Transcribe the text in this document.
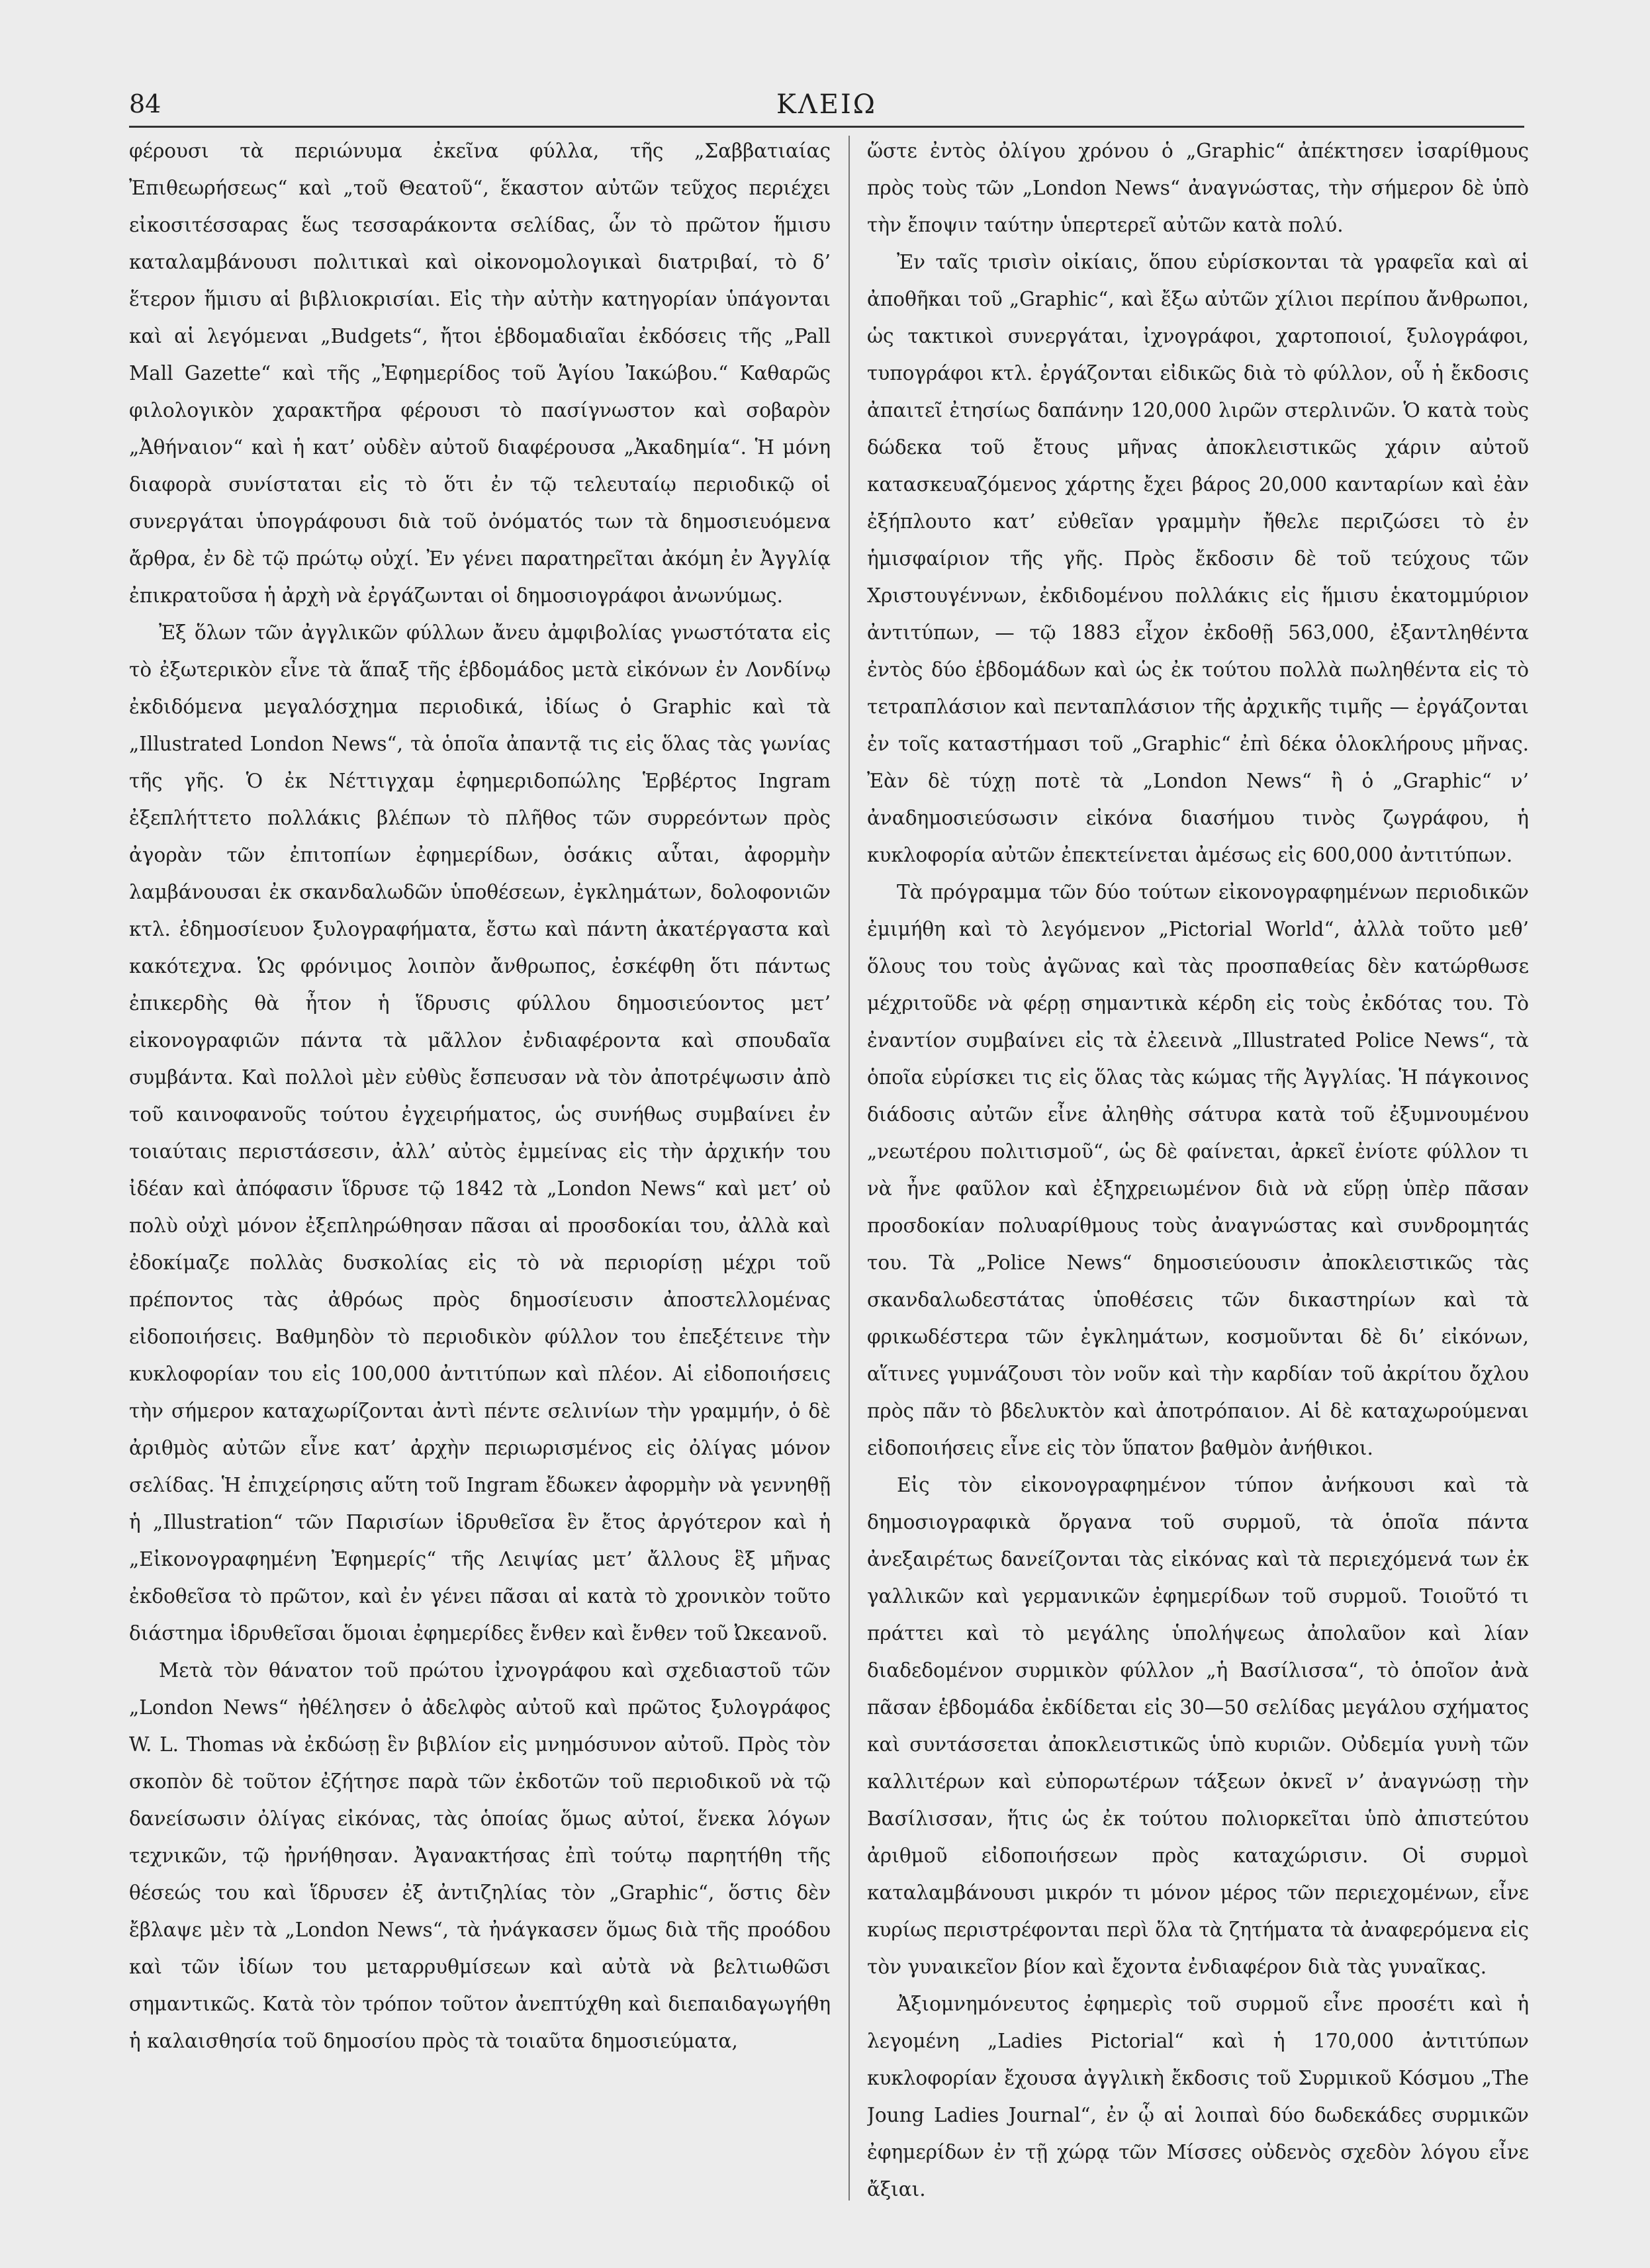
84	ΚΛΕΙΩ

φέρουσι τὰ περιώνυμα ἐκεῖνα φύλλα, τῆς „Σαββατιαίας Ἐπιθεωρήσεως“ καὶ „τοῦ Θεατοῦ“, ἕκαστον αὐτῶν τεῦχος περιέχει εἰκοσιτέσσαρας ἕως τεσσαράκοντα σελίδας, ὧν τὸ πρῶτον ἥμισυ καταλαμβάνουσι πολιτικαὶ καὶ οἰκονομολογικαὶ διατριβαί, τὸ δ’ ἕτερον ἥμισυ αἱ βιβλιοκρισίαι. Εἰς τὴν αὐτὴν κατηγορίαν ὑπάγονται καὶ αἱ λεγόμεναι „Budgets“, ἤτοι ἑβδομαδιαῖαι ἐκδόσεις τῆς „Pall Mall Gazette“ καὶ τῆς „Ἐφημερίδος τοῦ Ἁγίου Ἰακώβου.“ Καθαρῶς φιλολογικὸν χαρακτῆρα φέρουσι τὸ πασίγνωστον καὶ σοβαρὸν „Ἀθήναιον“ καὶ ἡ κατ’ οὐδὲν αὐτοῦ διαφέρουσα „Ἀκαδημία“. Ἡ μόνη διαφορὰ συνίσταται εἰς τὸ ὅτι ἐν τῷ τελευταίῳ περιοδικῷ οἱ συνεργάται ὑπογράφουσι διὰ τοῦ ὀνόματός των τὰ δημοσιευόμενα ἄρθρα, ἐν δὲ τῷ πρώτῳ οὐχί. Ἐν γένει παρατηρεῖται ἀκόμη ἐν Ἀγγλίᾳ ἐπικρατοῦσα ἡ ἀρχὴ νὰ ἐργάζωνται οἱ δημοσιογράφοι ἀνωνύμως.

Ἐξ ὅλων τῶν ἀγγλικῶν φύλλων ἄνευ ἀμφιβολίας γνωστότατα εἰς τὸ ἐξωτερικὸν εἶνε τὰ ἅπαξ τῆς ἑβδομάδος μετὰ εἰκόνων ἐν Λονδίνῳ ἐκδιδόμενα μεγαλόσχημα περιοδικά, ἰδίως ὁ Graphic καὶ τὰ „Illustrated London News“, τὰ ὁποῖα ἀπαντᾷ τις εἰς ὅλας τὰς γωνίας τῆς γῆς. Ὁ ἐκ Νέττιγχαμ ἐφημεριδοπώλης Ἑρβέρτος Ingram ἐξεπλήττετο πολλάκις βλέπων τὸ πλῆθος τῶν συρρεόντων πρὸς ἀγορὰν τῶν ἐπιτοπίων ἐφημερίδων, ὁσάκις αὗται, ἀφορμὴν λαμβάνουσαι ἐκ σκανδαλωδῶν ὑποθέσεων, ἐγκλημάτων, δολοφονιῶν κτλ. ἐδημοσίευον ξυλογραφήματα, ἔστω καὶ πάντη ἀκατέργαστα καὶ κακότεχνα. Ὡς φρόνιμος λοιπὸν ἄνθρωπος, ἐσκέφθη ὅτι πάντως ἐπικερδὴς θὰ ἦτον ἡ ἵδρυσις φύλλου δημοσιεύοντος μετ’ εἰκονογραφιῶν πάντα τὰ μᾶλλον ἐνδιαφέροντα καὶ σπουδαῖα συμβάντα. Καὶ πολλοὶ μὲν εὐθὺς ἔσπευσαν νὰ τὸν ἀποτρέψωσιν ἀπὸ τοῦ καινοφανοῦς τούτου ἐγχειρήματος, ὡς συνήθως συμβαίνει ἐν τοιαύταις περιστάσεσιν, ἀλλ’ αὐτὸς ἐμμείνας εἰς τὴν ἀρχικήν του ἰδέαν καὶ ἀπόφασιν ἵδρυσε τῷ 1842 τὰ „London News“ καὶ μετ’ οὐ πολὺ οὐχὶ μόνον ἐξεπληρώθησαν πᾶσαι αἱ προσδοκίαι του, ἀλλὰ καὶ ἐδοκίμαζε πολλὰς δυσκολίας εἰς τὸ νὰ περιορίσῃ μέχρι τοῦ πρέποντος τὰς ἀθρόως πρὸς δημοσίευσιν ἀποστελλομένας εἰδοποιήσεις. Βαθμηδὸν τὸ περιοδικὸν φύλλον του ἐπεξέτεινε τὴν κυκλοφορίαν του εἰς 100,000 ἀντιτύπων καὶ πλέον. Αἱ εἰδοποιήσεις τὴν σήμερον καταχωρίζονται ἀντὶ πέντε σελινίων τὴν γραμμήν, ὁ δὲ ἀριθμὸς αὐτῶν εἶνε κατ’ ἀρχὴν περιωρισμένος εἰς ὀλίγας μόνον σελίδας. Ἡ ἐπιχείρησις αὕτη τοῦ Ingram ἔδωκεν ἀφορμὴν νὰ γεννηθῇ ἡ „Illustration“ τῶν Παρισίων ἱδρυθεῖσα ἓν ἔτος ἀργότερον καὶ ἡ „Εἰκονογραφημένη Ἐφημερίς“ τῆς Λειψίας μετ’ ἄλλους ἓξ μῆνας ἐκδοθεῖσα τὸ πρῶτον, καὶ ἐν γένει πᾶσαι αἱ κατὰ τὸ χρονικὸν τοῦτο διάστημα ἱδρυθεῖσαι ὅμοιαι ἐφημερίδες ἔνθεν καὶ ἔνθεν τοῦ Ὠκεανοῦ.

Μετὰ τὸν θάνατον τοῦ πρώτου ἰχνογράφου καὶ σχεδιαστοῦ τῶν „London News“ ἠθέλησεν ὁ ἀδελφὸς αὐτοῦ καὶ πρῶτος ξυλογράφος W. L. Thomas νὰ ἐκδώσῃ ἓν βιβλίον εἰς μνημόσυνον αὐτοῦ. Πρὸς τὸν σκοπὸν δὲ τοῦτον ἐζήτησε παρὰ τῶν ἐκδοτῶν τοῦ περιοδικοῦ νὰ τῷ δανείσωσιν ὀλίγας εἰκόνας, τὰς ὁποίας ὅμως αὐτοί, ἕνεκα λόγων τεχνικῶν, τῷ ἠρνήθησαν. Ἀγανακτήσας ἐπὶ τούτῳ παρητήθη τῆς θέσεώς του καὶ ἵδρυσεν ἐξ ἀντιζηλίας τὸν „Graphic“, ὅστις δὲν ἔβλαψε μὲν τὰ „London News“, τὰ ἠνάγκασεν ὅμως διὰ τῆς προόδου καὶ τῶν ἰδίων του μεταρρυθμίσεων καὶ αὐτὰ νὰ βελτιωθῶσι σημαντικῶς. Κατὰ τὸν τρόπον τοῦτον ἀνεπτύχθη καὶ διεπαιδαγωγήθη ἡ καλαισθησία τοῦ δημοσίου πρὸς τὰ τοιαῦτα δημοσιεύματα,

ὥστε ἐντὸς ὀλίγου χρόνου ὁ „Graphic“ ἀπέκτησεν ἰσαρίθμους πρὸς τοὺς τῶν „London News“ ἀναγνώστας, τὴν σήμερον δὲ ὑπὸ τὴν ἔποψιν ταύτην ὑπερτερεῖ αὐτῶν κατὰ πολύ.

Ἐν ταῖς τρισὶν οἰκίαις, ὅπου εὑρίσκονται τὰ γραφεῖα καὶ αἱ ἀποθῆκαι τοῦ „Graphic“, καὶ ἔξω αὐτῶν χίλιοι περίπου ἄνθρωποι, ὡς τακτικοὶ συνεργάται, ἰχνογράφοι, χαρτοποιοί, ξυλογράφοι, τυπογράφοι κτλ. ἐργάζονται εἰδικῶς διὰ τὸ φύλλον, οὗ ἡ ἔκδοσις ἀπαιτεῖ ἐτησίως δαπάνην 120,000 λιρῶν στερλινῶν. Ὁ κατὰ τοὺς δώδεκα τοῦ ἔτους μῆνας ἀποκλειστικῶς χάριν αὐτοῦ κατασκευαζόμενος χάρτης ἔχει βάρος 20,000 κανταρίων καὶ ἐὰν ἐξήπλουτο κατ’ εὐθεῖαν γραμμὴν ἤθελε περιζώσει τὸ ἐν ἡμισφαίριον τῆς γῆς. Πρὸς ἔκδοσιν δὲ τοῦ τεύχους τῶν Χριστουγέννων, ἐκδιδομένου πολλάκις εἰς ἥμισυ ἑκατομμύριον ἀντιτύπων, — τῷ 1883 εἶχον ἐκδοθῇ 563,000, ἐξαντληθέντα ἐντὸς δύο ἑβδομάδων καὶ ὡς ἐκ τούτου πολλὰ πωληθέντα εἰς τὸ τετραπλάσιον καὶ πενταπλάσιον τῆς ἀρχικῆς τιμῆς — ἐργάζονται ἐν τοῖς καταστήμασι τοῦ „Graphic“ ἐπὶ δέκα ὁλοκλήρους μῆνας. Ἐὰν δὲ τύχῃ ποτὲ τὰ „London News“ ἢ ὁ „Graphic“ ν’ ἀναδημοσιεύσωσιν εἰκόνα διασήμου τινὸς ζωγράφου, ἡ κυκλοφορία αὐτῶν ἐπεκτείνεται ἀμέσως εἰς 600,000 ἀντιτύπων.

Τὰ πρόγραμμα τῶν δύο τούτων εἰκονογραφημένων περιοδικῶν ἐμιμήθη καὶ τὸ λεγόμενον „Pictorial World“, ἀλλὰ τοῦτο μεθ’ ὅλους του τοὺς ἀγῶνας καὶ τὰς προσπαθείας δὲν κατώρθωσε μέχριτοῦδε νὰ φέρῃ σημαντικὰ κέρδη εἰς τοὺς ἐκδότας του. Τὸ ἐναντίον συμβαίνει εἰς τὰ ἐλεεινὰ „Illustrated Police News“, τὰ ὁποῖα εὑρίσκει τις εἰς ὅλας τὰς κώμας τῆς Ἀγγλίας. Ἡ πάγκοινος διάδοσις αὐτῶν εἶνε ἀληθὴς σάτυρα κατὰ τοῦ ἐξυμνουμένου „νεωτέρου πολιτισμοῦ“, ὡς δὲ φαίνεται, ἀρκεῖ ἐνίοτε φύλλον τι νὰ ἦνε φαῦλον καὶ ἐξηχρειωμένον διὰ νὰ εὕρῃ ὑπὲρ πᾶσαν προσδοκίαν πολυαρίθμους τοὺς ἀναγνώστας καὶ συνδρομητάς του. Τὰ „Police News“ δημοσιεύουσιν ἀποκλειστικῶς τὰς σκανδαλωδεστάτας ὑποθέσεις τῶν δικαστηρίων καὶ τὰ φρικωδέστερα τῶν ἐγκλημάτων, κοσμοῦνται δὲ δι’ εἰκόνων, αἵτινες γυμνάζουσι τὸν νοῦν καὶ τὴν καρδίαν τοῦ ἀκρίτου ὄχλου πρὸς πᾶν τὸ βδελυκτὸν καὶ ἀποτρόπαιον. Αἱ δὲ καταχωρούμεναι εἰδοποιήσεις εἶνε εἰς τὸν ὕπατον βαθμὸν ἀνήθικοι.

Εἰς τὸν εἰκονογραφημένον τύπον ἀνήκουσι καὶ τὰ δημοσιογραφικὰ ὄργανα τοῦ συρμοῦ, τὰ ὁποῖα πάντα ἀνεξαιρέτως δανείζονται τὰς εἰκόνας καὶ τὰ περιεχόμενά των ἐκ γαλλικῶν καὶ γερμανικῶν ἐφημερίδων τοῦ συρμοῦ. Τοιοῦτό τι πράττει καὶ τὸ μεγάλης ὑπολήψεως ἀπολαῦον καὶ λίαν διαδεδομένον συρμικὸν φύλλον „ἡ Βασίλισσα“, τὸ ὁποῖον ἀνὰ πᾶσαν ἑβδομάδα ἐκδίδεται εἰς 30—50 σελίδας μεγάλου σχήματος καὶ συντάσσεται ἀποκλειστικῶς ὑπὸ κυριῶν. Οὐδεμία γυνὴ τῶν καλλιτέρων καὶ εὐπορωτέρων τάξεων ὀκνεῖ ν’ ἀναγνώσῃ τὴν Βασίλισσαν, ἥτις ὡς ἐκ τούτου πολιορκεῖται ὑπὸ ἀπιστεύτου ἀριθμοῦ εἰδοποιήσεων πρὸς καταχώρισιν. Οἱ συρμοὶ καταλαμβάνουσι μικρόν τι μόνον μέρος τῶν περιεχομένων, εἶνε κυρίως περιστρέφονται περὶ ὅλα τὰ ζητήματα τὰ ἀναφερόμενα εἰς τὸν γυναικεῖον βίον καὶ ἔχοντα ἐνδιαφέρον διὰ τὰς γυναῖκας.

Ἀξιομνημόνευτος ἐφημερὶς τοῦ συρμοῦ εἶνε προσέτι καὶ ἡ λεγομένη „Ladies Pictorial“ καὶ ἡ 170,000 ἀντιτύπων κυκλοφορίαν ἔχουσα ἀγγλικὴ ἔκδοσις τοῦ Συρμικοῦ Κόσμου „The Joung Ladies Journal“, ἐν ᾧ αἱ λοιπαὶ δύο δωδεκάδες συρμικῶν ἐφημερίδων ἐν τῇ χώρᾳ τῶν Μίσσες οὐδενὸς σχεδὸν λόγου εἶνε ἄξιαι.
